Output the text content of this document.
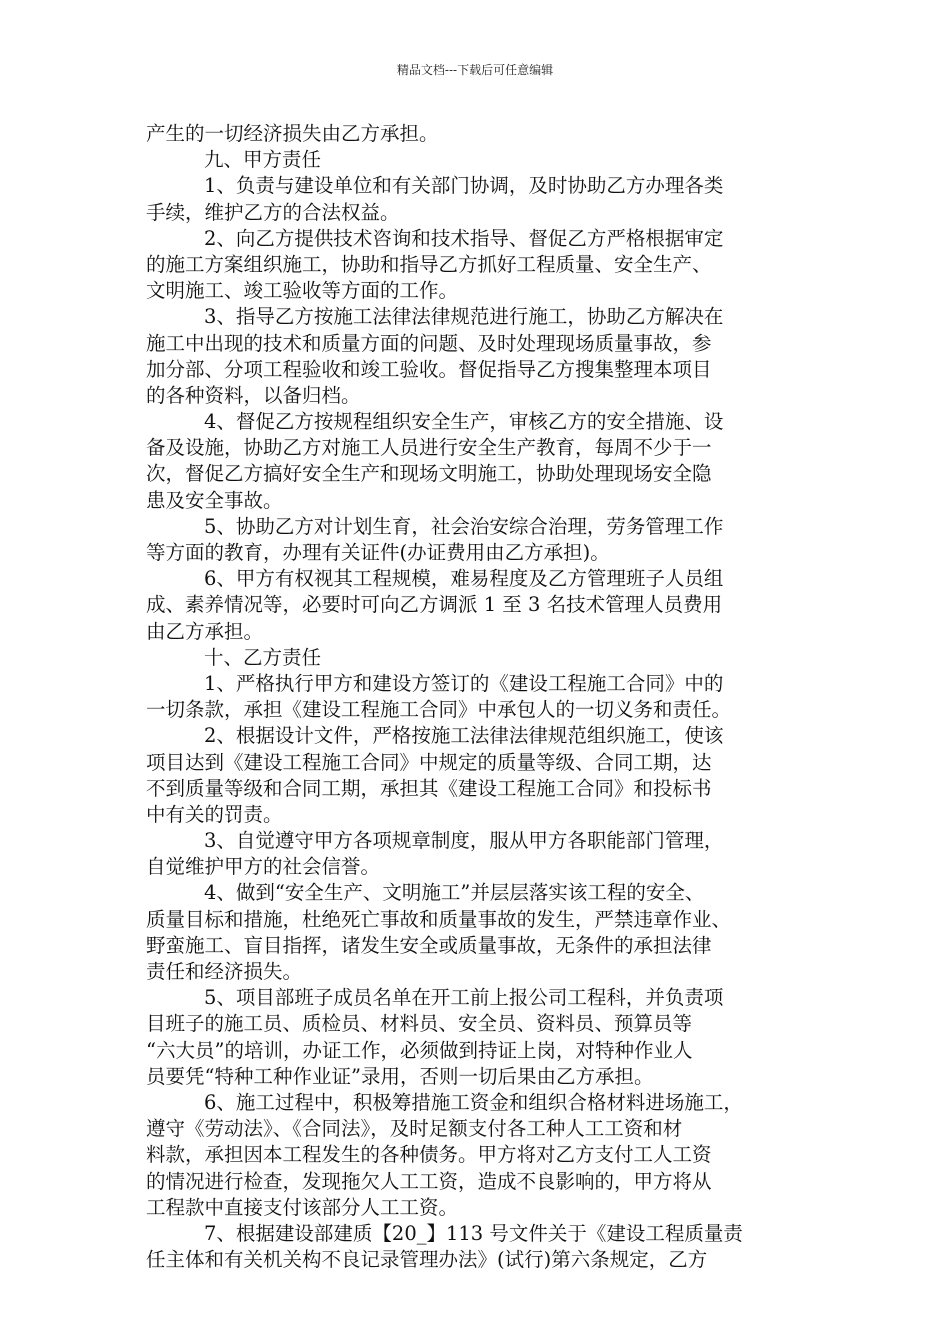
精品文档---下载后可任意编辑
产生的一切经济损失由乙方承担。
九、甲方责任
1、负责与建设单位和有关部门协调，及时协助乙方办理各类
手续，维护乙方的合法权益。
2、向乙方提供技术咨询和技术指导、督促乙方严格根据审定
的施工方案组织施工，协助和指导乙方抓好工程质量、安全生产、
文明施工、竣工验收等方面的工作。
3、指导乙方按施工法律法律规范进行施工，协助乙方解决在
施工中出现的技术和质量方面的问题、及时处理现场质量事故，参
加分部、分项工程验收和竣工验收。督促指导乙方搜集整理本项目
的各种资料，以备归档。
4、督促乙方按规程组织安全生产，审核乙方的安全措施、设
备及设施，协助乙方对施工人员进行安全生产教育，每周不少于一
次，督促乙方搞好安全生产和现场文明施工，协助处理现场安全隐
患及安全事故。
5、协助乙方对计划生育，社会治安综合治理，劳务管理工作
等方面的教育，办理有关证件(办证费用由乙方承担)。
6、甲方有权视其工程规模，难易程度及乙方管理班子人员组
成、素养情况等，必要时可向乙方调派 1 至 3 名技术管理人员费用
由乙方承担。
十、乙方责任
1、严格执行甲方和建设方签订的《建设工程施工合同》中的
一切条款，承担《建设工程施工合同》中承包人的一切义务和责任。
2、根据设计文件，严格按施工法律法律规范组织施工，使该
项目达到《建设工程施工合同》中规定的质量等级、合同工期，达
不到质量等级和合同工期，承担其《建设工程施工合同》和投标书
中有关的罚责。
3、自觉遵守甲方各项规章制度，服从甲方各职能部门管理，
自觉维护甲方的社会信誉。
4、做到“安全生产、文明施工”并层层落实该工程的安全、
质量目标和措施，杜绝死亡事故和质量事故的发生，严禁违章作业、
野蛮施工、盲目指挥，诸发生安全或质量事故，无条件的承担法律
责任和经济损失。
5、项目部班子成员名单在开工前上报公司工程科，并负责项
目班子的施工员、质检员、材料员、安全员、资料员、预算员等
“六大员”的培训，办证工作，必须做到持证上岗，对特种作业人
员要凭“特种工种作业证”录用，否则一切后果由乙方承担。
6、施工过程中，积极筹措施工资金和组织合格材料进场施工，
遵守《劳动法》、《合同法》，及时足额支付各工种人工工资和材
料款，承担因本工程发生的各种债务。甲方将对乙方支付工人工资
的情况进行检查，发现拖欠人工工资，造成不良影响的，甲方将从
工程款中直接支付该部分人工工资。
7、根据建设部建质【20_】113 号文件关于《建设工程质量责
任主体和有关机关构不良记录管理办法》(试行)第六条规定，乙方
